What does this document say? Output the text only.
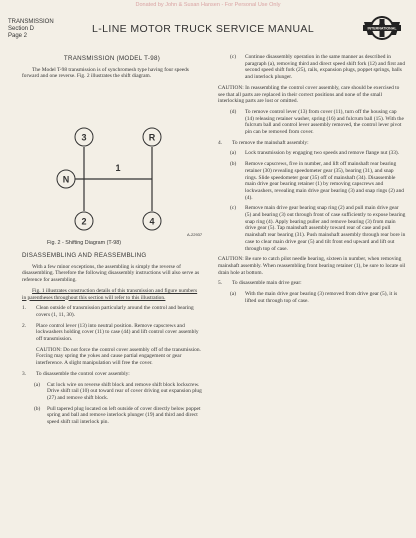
Donated by John & Susan Hansen - For Personal Use Only
TRANSMISSION
Section D
Page 2
L-LINE MOTOR TRUCK SERVICE MANUAL	INTERNATIONAL

TRANSMISSION (MODEL T-98)

The Model T-98 transmission is of synchromesh type having four speeds forward and one reverse. Fig. 2 illustrates the shift diagram.

3	R
N
1
2	4
A-22937
Fig. 2 - Shifting Diagram (T-98)

DISASSEMBLING AND REASSEMBLING

With a few minor exceptions, the assembling is simply the reverse of disassembling. Therefore the following disassembly instructions will also serve as reference for assembling.

Fig. 1 illustrates construction details of this transmission and figure numbers in parentheses throughout this section will refer to this illustration.

1.	Clean outside of transmission particularly around the control and bearing covers (1, 11, 30).
2.	Place control lever (13) into neutral position. Remove capscrews and lockwashers holding cover (11) to case (44) and lift control cover assembly off transmission.

CAUTION: Do not force the control cover assembly off of the transmission. Forcing may spring the yokes and cause partial engagement or gear interference. A slight manipulation will free the cover.

3.	To disassemble the control cover assembly:
(a)	Cut lock wire on reverse shift block and remove shift block lockscrew. Drive shift rail (10) out toward rear of cover driving out expansion plug (27) and remove shift block.
(b)	Pull tapered plug located on left outside of cover directly below poppet spring and ball and remove interlock plunger (19) and third and direct speed shift rail interlock pin.
(c)	Continue disassembly operation in the same manner as described in paragraph (a), removing third and direct speed shift fork (12) and first and second speed shift fork (25), rails, expansion plugs, poppet springs, balls and interlock plunger.

CAUTION: In reassembling the control cover assembly, care should be exercised to see that all parts are replaced in their correct positions and none of the small interlocking parts are lost or omitted.

(d)	To remove control lever (13) from cover (11), turn off the housing cap (14) releasing retainer washer, spring (16) and fulcrum ball (15). With the fulcrum ball and control lever assembly removed, the control lever pivot pin can be removed from cover.
4.	To remove the mainshaft assembly:
(a)	Lock transmission by engaging two speeds and remove flange nut (33).
(b)	Remove capscrews, five in number, and lift off mainshaft rear bearing retainer (30) revealing speedometer gear (35), bearing (31), and snap rings. Slide speedometer gear (35) off of mainshaft (34). Disassemble main drive gear bearing retainer (1) by removing capscrews and lockwashers, revealing main drive gear bearing (3) and snap rings (2) and (4).
(c)	Remove main drive gear bearing snap ring (2) and pull main drive gear (5) and bearing (3) out through front of case sufficiently to expose bearing snap ring (4). Apply bearing puller and remove bearing (3) from main drive gear (5). Tap mainshaft assembly toward rear of case and pull mainshaft rear bearing (31). Push mainshaft assembly through rear bore in case to clear main drive gear (5) and tilt front end upward and lift out through top of case.

CAUTION: Be sure to catch pilot needle bearing, sixteen in number, when removing mainshaft assembly. When reassembling front bearing retainer (1), be sure to locate oil drain hole at bottom.

5.	To disassemble main drive gear:
(a)	With the main drive gear bearing (3) removed from drive gear (5), it is lifted out through top of case.
